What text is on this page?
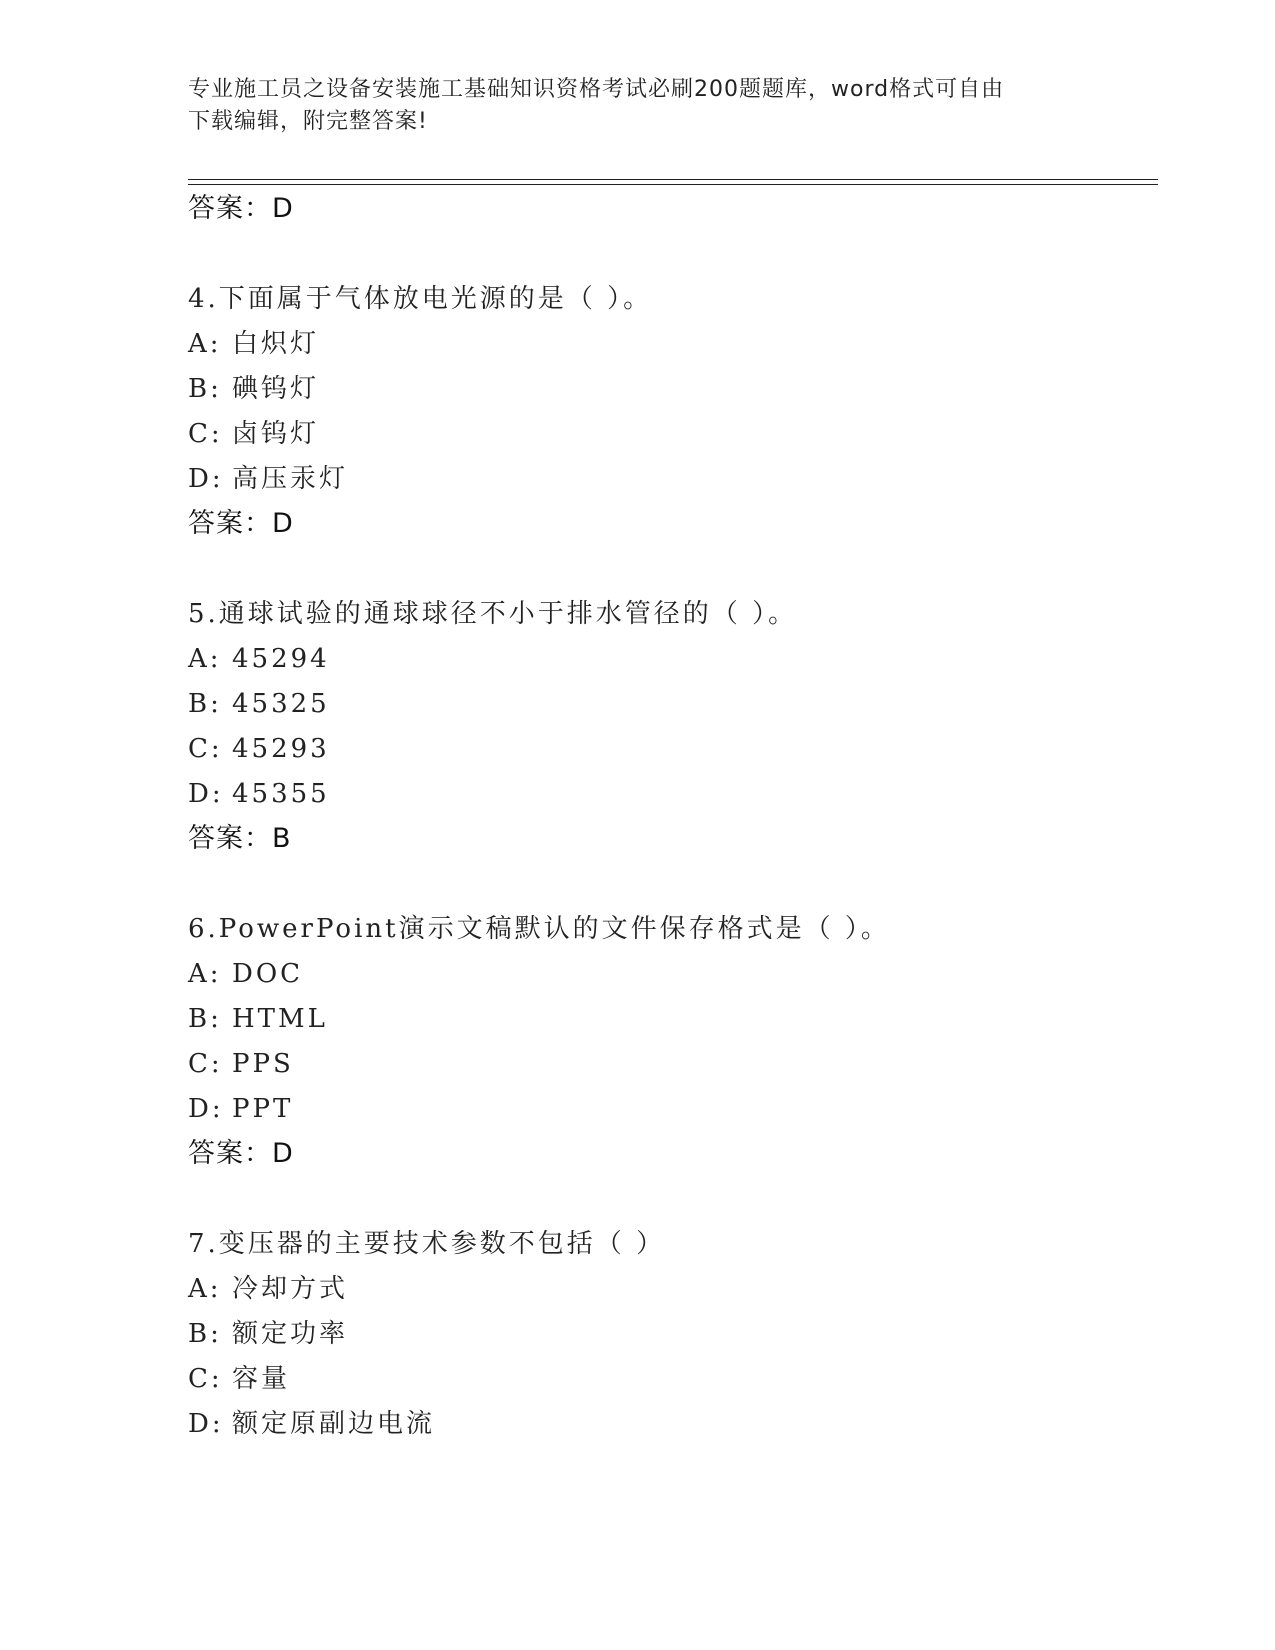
专业施工员之设备安装施工基础知识资格考试必刷200题题库，word格式可自由
下载编辑，附完整答案!
答案：D
4.下面属于气体放电光源的是（ ）。
A: 白炽灯
B: 碘钨灯
C: 卤钨灯
D: 高压汞灯
答案：D
5.通球试验的通球球径不小于排水管径的（ ）。
A: 45294
B: 45325
C: 45293
D: 45355
答案：B
6.PowerPoint演示文稿默认的文件保存格式是（ ）。
A: DOC
B: HTML
C: PPS
D: PPT
答案：D
7.变压器的主要技术参数不包括（ ）
A: 冷却方式
B: 额定功率
C: 容量
D: 额定原副边电流
